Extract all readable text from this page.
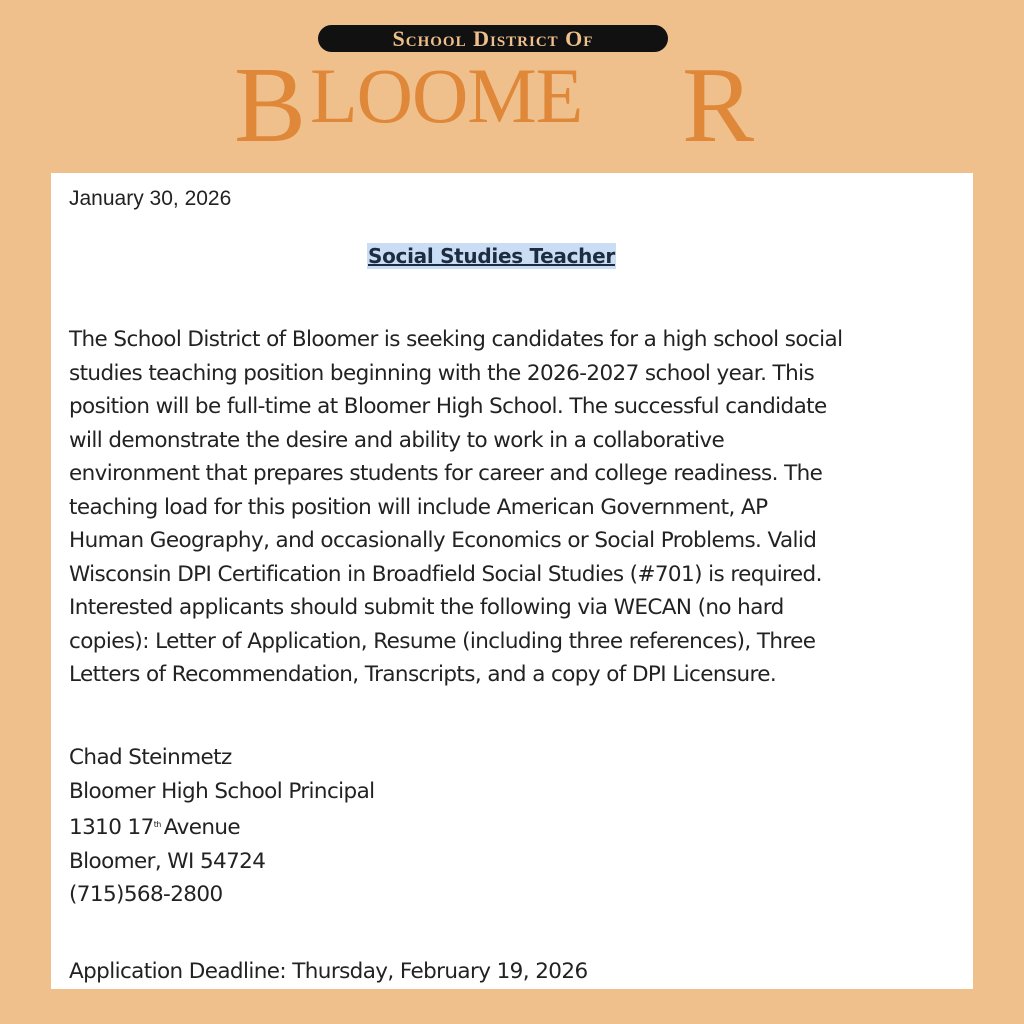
School District Of
B LOOME R
January 30, 2026
Social Studies Teacher
The School District of Bloomer is seeking candidates for a high school social
studies teaching position beginning with the 2026-2027 school year. This
position will be full-time at Bloomer High School. The successful candidate
will demonstrate the desire and ability to work in a collaborative
environment that prepares students for career and college readiness. The
teaching load for this position will include American Government, AP
Human Geography, and occasionally Economics or Social Problems. Valid
Wisconsin DPI Certification in Broadfield Social Studies (#701) is required.
Interested applicants should submit the following via WECAN (no hard
copies): Letter of Application, Resume (including three references), Three
Letters of Recommendation, Transcripts, and a copy of DPI Licensure.
Chad Steinmetz
Bloomer High School Principal
1310 17th Avenue
Bloomer, WI 54724
(715)568-2800
Application Deadline: Thursday, February 19, 2026
